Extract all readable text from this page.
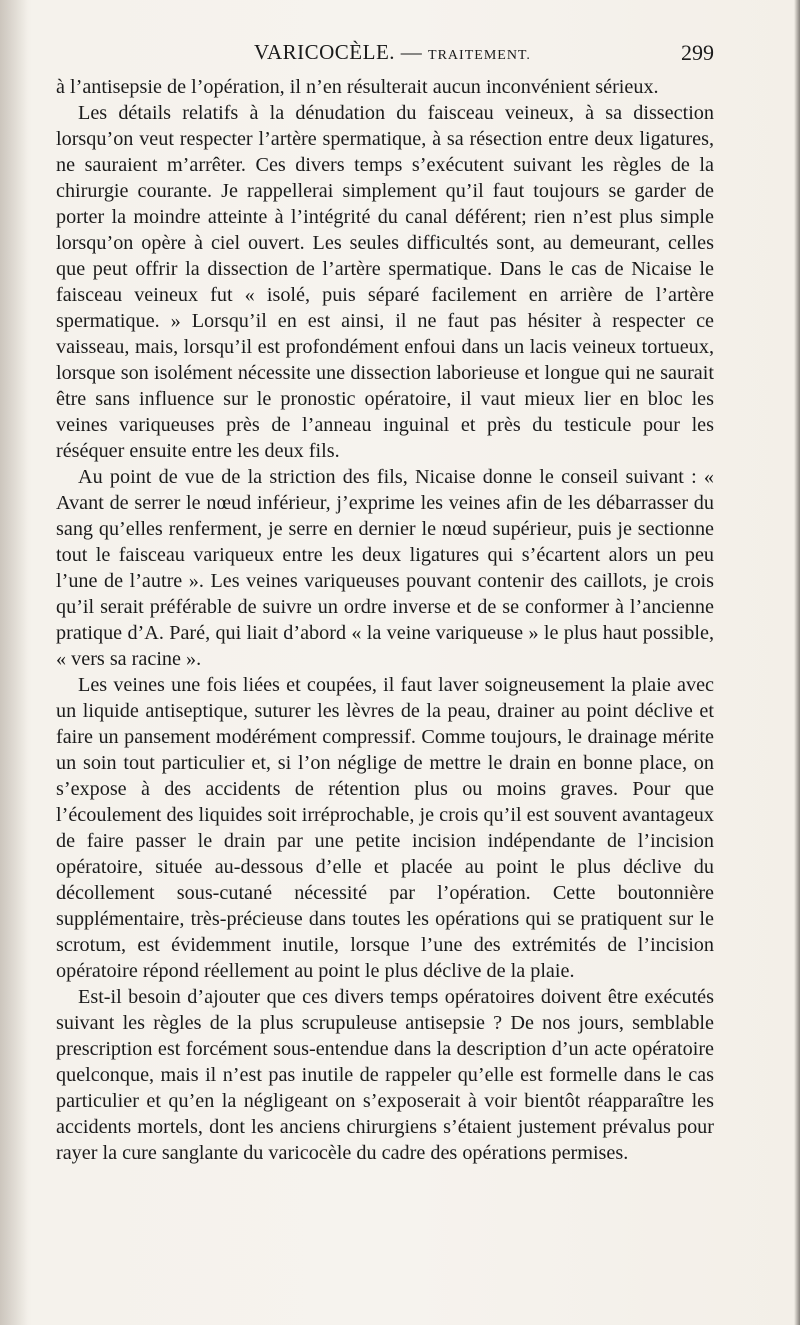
VARICOCÈLE. — TRAITEMENT.	299

à l’antisepsie de l’opération, il n’en résulterait aucun inconvénient sérieux.

Les détails relatifs à la dénudation du faisceau veineux, à sa dissection lorsqu’on veut respecter l’artère spermatique, à sa résection entre deux ligatures, ne sauraient m’arrêter. Ces divers temps s’exécutent suivant les règles de la chirurgie courante. Je rappellerai simplement qu’il faut toujours se garder de porter la moindre atteinte à l’intégrité du canal déférent; rien n’est plus simple lorsqu’on opère à ciel ouvert. Les seules difficultés sont, au demeurant, celles que peut offrir la dissection de l’artère spermatique. Dans le cas de Nicaise le faisceau veineux fut « isolé, puis séparé facilement en arrière de l’artère spermatique. » Lorsqu’il en est ainsi, il ne faut pas hésiter à respecter ce vaisseau, mais, lorsqu’il est profondément enfoui dans un lacis veineux tortueux, lorsque son isolément nécessite une dissection laborieuse et longue qui ne saurait être sans influence sur le pronostic opératoire, il vaut mieux lier en bloc les veines variqueuses près de l’anneau inguinal et près du testicule pour les réséquer ensuite entre les deux fils.

Au point de vue de la striction des fils, Nicaise donne le conseil suivant : « Avant de serrer le nœud inférieur, j’exprime les veines afin de les débarrasser du sang qu’elles renferment, je serre en dernier le nœud supérieur, puis je sectionne tout le faisceau variqueux entre les deux ligatures qui s’écartent alors un peu l’une de l’autre ». Les veines variqueuses pouvant contenir des caillots, je crois qu’il serait préférable de suivre un ordre inverse et de se conformer à l’ancienne pratique d’A. Paré, qui liait d’abord « la veine variqueuse » le plus haut possible, « vers sa racine ».

Les veines une fois liées et coupées, il faut laver soigneusement la plaie avec un liquide antiseptique, suturer les lèvres de la peau, drainer au point déclive et faire un pansement modérément compressif. Comme toujours, le drainage mérite un soin tout particulier et, si l’on néglige de mettre le drain en bonne place, on s’expose à des accidents de rétention plus ou moins graves. Pour que l’écoulement des liquides soit irréprochable, je crois qu’il est souvent avantageux de faire passer le drain par une petite incision indépendante de l’incision opératoire, située au-dessous d’elle et placée au point le plus déclive du décollement sous-cutané nécessité par l’opération. Cette boutonnière supplémentaire, très-précieuse dans toutes les opérations qui se pratiquent sur le scrotum, est évidemment inutile, lorsque l’une des extrémités de l’incision opératoire répond réellement au point le plus déclive de la plaie.

Est-il besoin d’ajouter que ces divers temps opératoires doivent être exécutés suivant les règles de la plus scrupuleuse antisepsie ? De nos jours, semblable prescription est forcément sous-entendue dans la description d’un acte opératoire quelconque, mais il n’est pas inutile de rappeler qu’elle est formelle dans le cas particulier et qu’en la négligeant on s’exposerait à voir bientôt réapparaître les accidents mortels, dont les anciens chirurgiens s’étaient justement prévalus pour rayer la cure sanglante du varicocèle du cadre des opérations permises.
